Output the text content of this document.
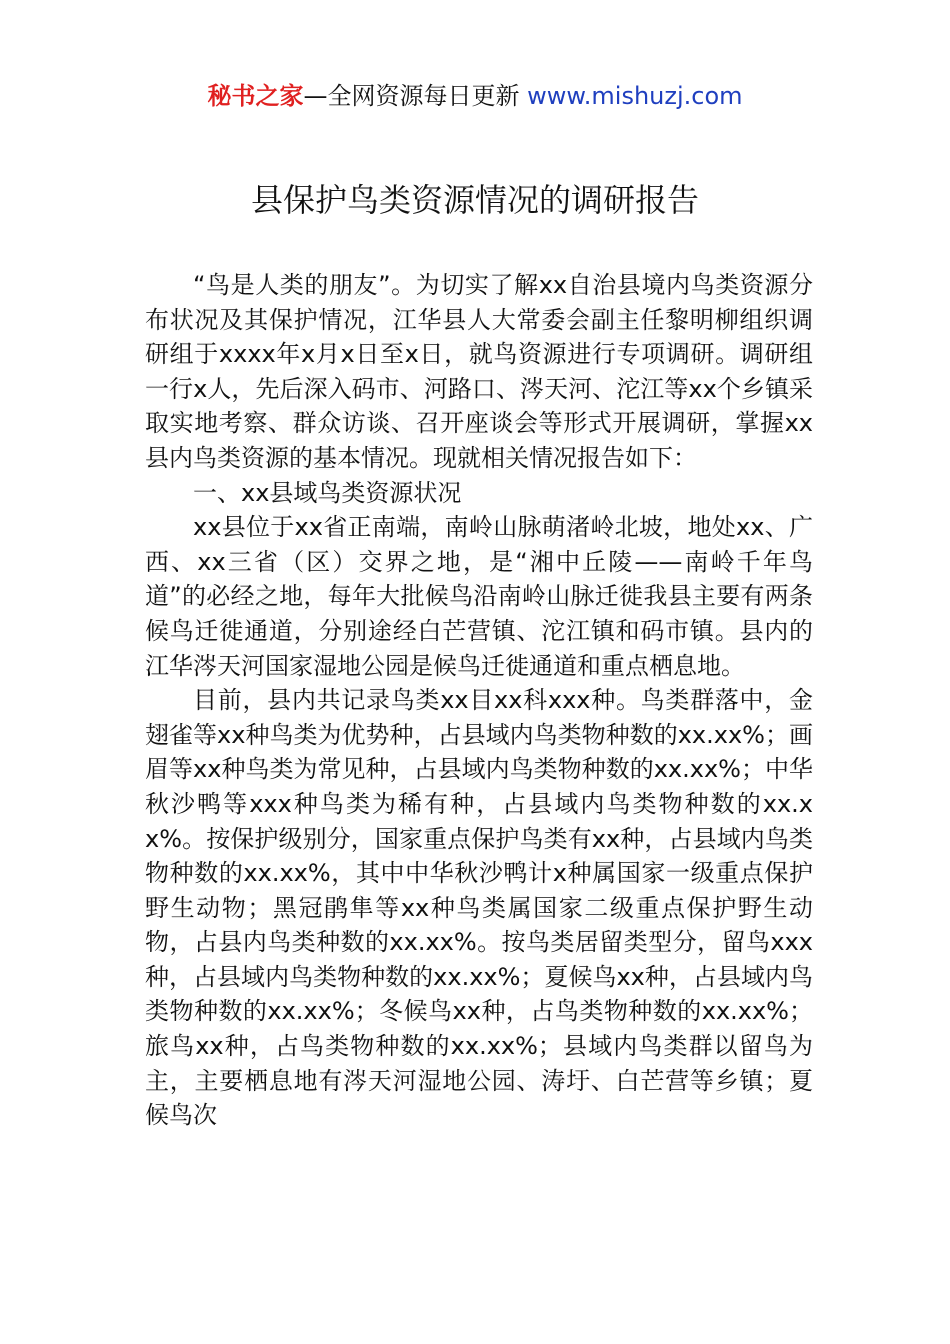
秘书之家—全网资源每日更新 www.mishuzj.com
县保护鸟类资源情况的调研报告

“鸟是人类的朋友”。为切实了解xx自治县境内鸟类资源分布状况及其保护情况，江华县人大常委会副主任黎明柳组织调研组于xxxx年x月x日至x日，就鸟资源进行专项调研。调研组一行x人，先后深入码市、河路口、涔天河、沱江等xx个乡镇采取实地考察、群众访谈、召开座谈会等形式开展调研，掌握xx县内鸟类资源的基本情况。现就相关情况报告如下：

一、xx县域鸟类资源状况

xx县位于xx省正南端，南岭山脉萌渚岭北坡，地处xx、广西、xx三省（区）交界之地，是“湘中丘陵——南岭千年鸟道”的必经之地，每年大批候鸟沿南岭山脉迁徙我县主要有两条候鸟迁徙通道，分别途经白芒营镇、沱江镇和码市镇。县内的江华涔天河国家湿地公园是候鸟迁徙通道和重点栖息地。

目前，县内共记录鸟类xx目xx科xxx种。鸟类群落中，金翅雀等xx种鸟类为优势种，占县域内鸟类物种数的xx.xx%；画眉等xx种鸟类为常见种，占县域内鸟类物种数的xx.xx%；中华秋沙鸭等xxx种鸟类为稀有种，占县域内鸟类物种数的xx.xx%。按保护级别分，国家重点保护鸟类有xx种，占县域内鸟类物种数的xx.xx%，其中中华秋沙鸭计x种属国家一级重点保护野生动物；黑冠鹃隼等xx种鸟类属国家二级重点保护野生动物，占县内鸟类种数的xx.xx%。按鸟类居留类型分，留鸟xxx种，占县域内鸟类物种数的xx.xx%；夏候鸟xx种，占县域内鸟类物种数的xx.xx%；冬候鸟xx种，占鸟类物种数的xx.xx%；旅鸟xx种，占鸟类物种数的xx.xx%；县域内鸟类群以留鸟为主，主要栖息地有涔天河湿地公园、涛圩、白芒营等乡镇；夏候鸟次
